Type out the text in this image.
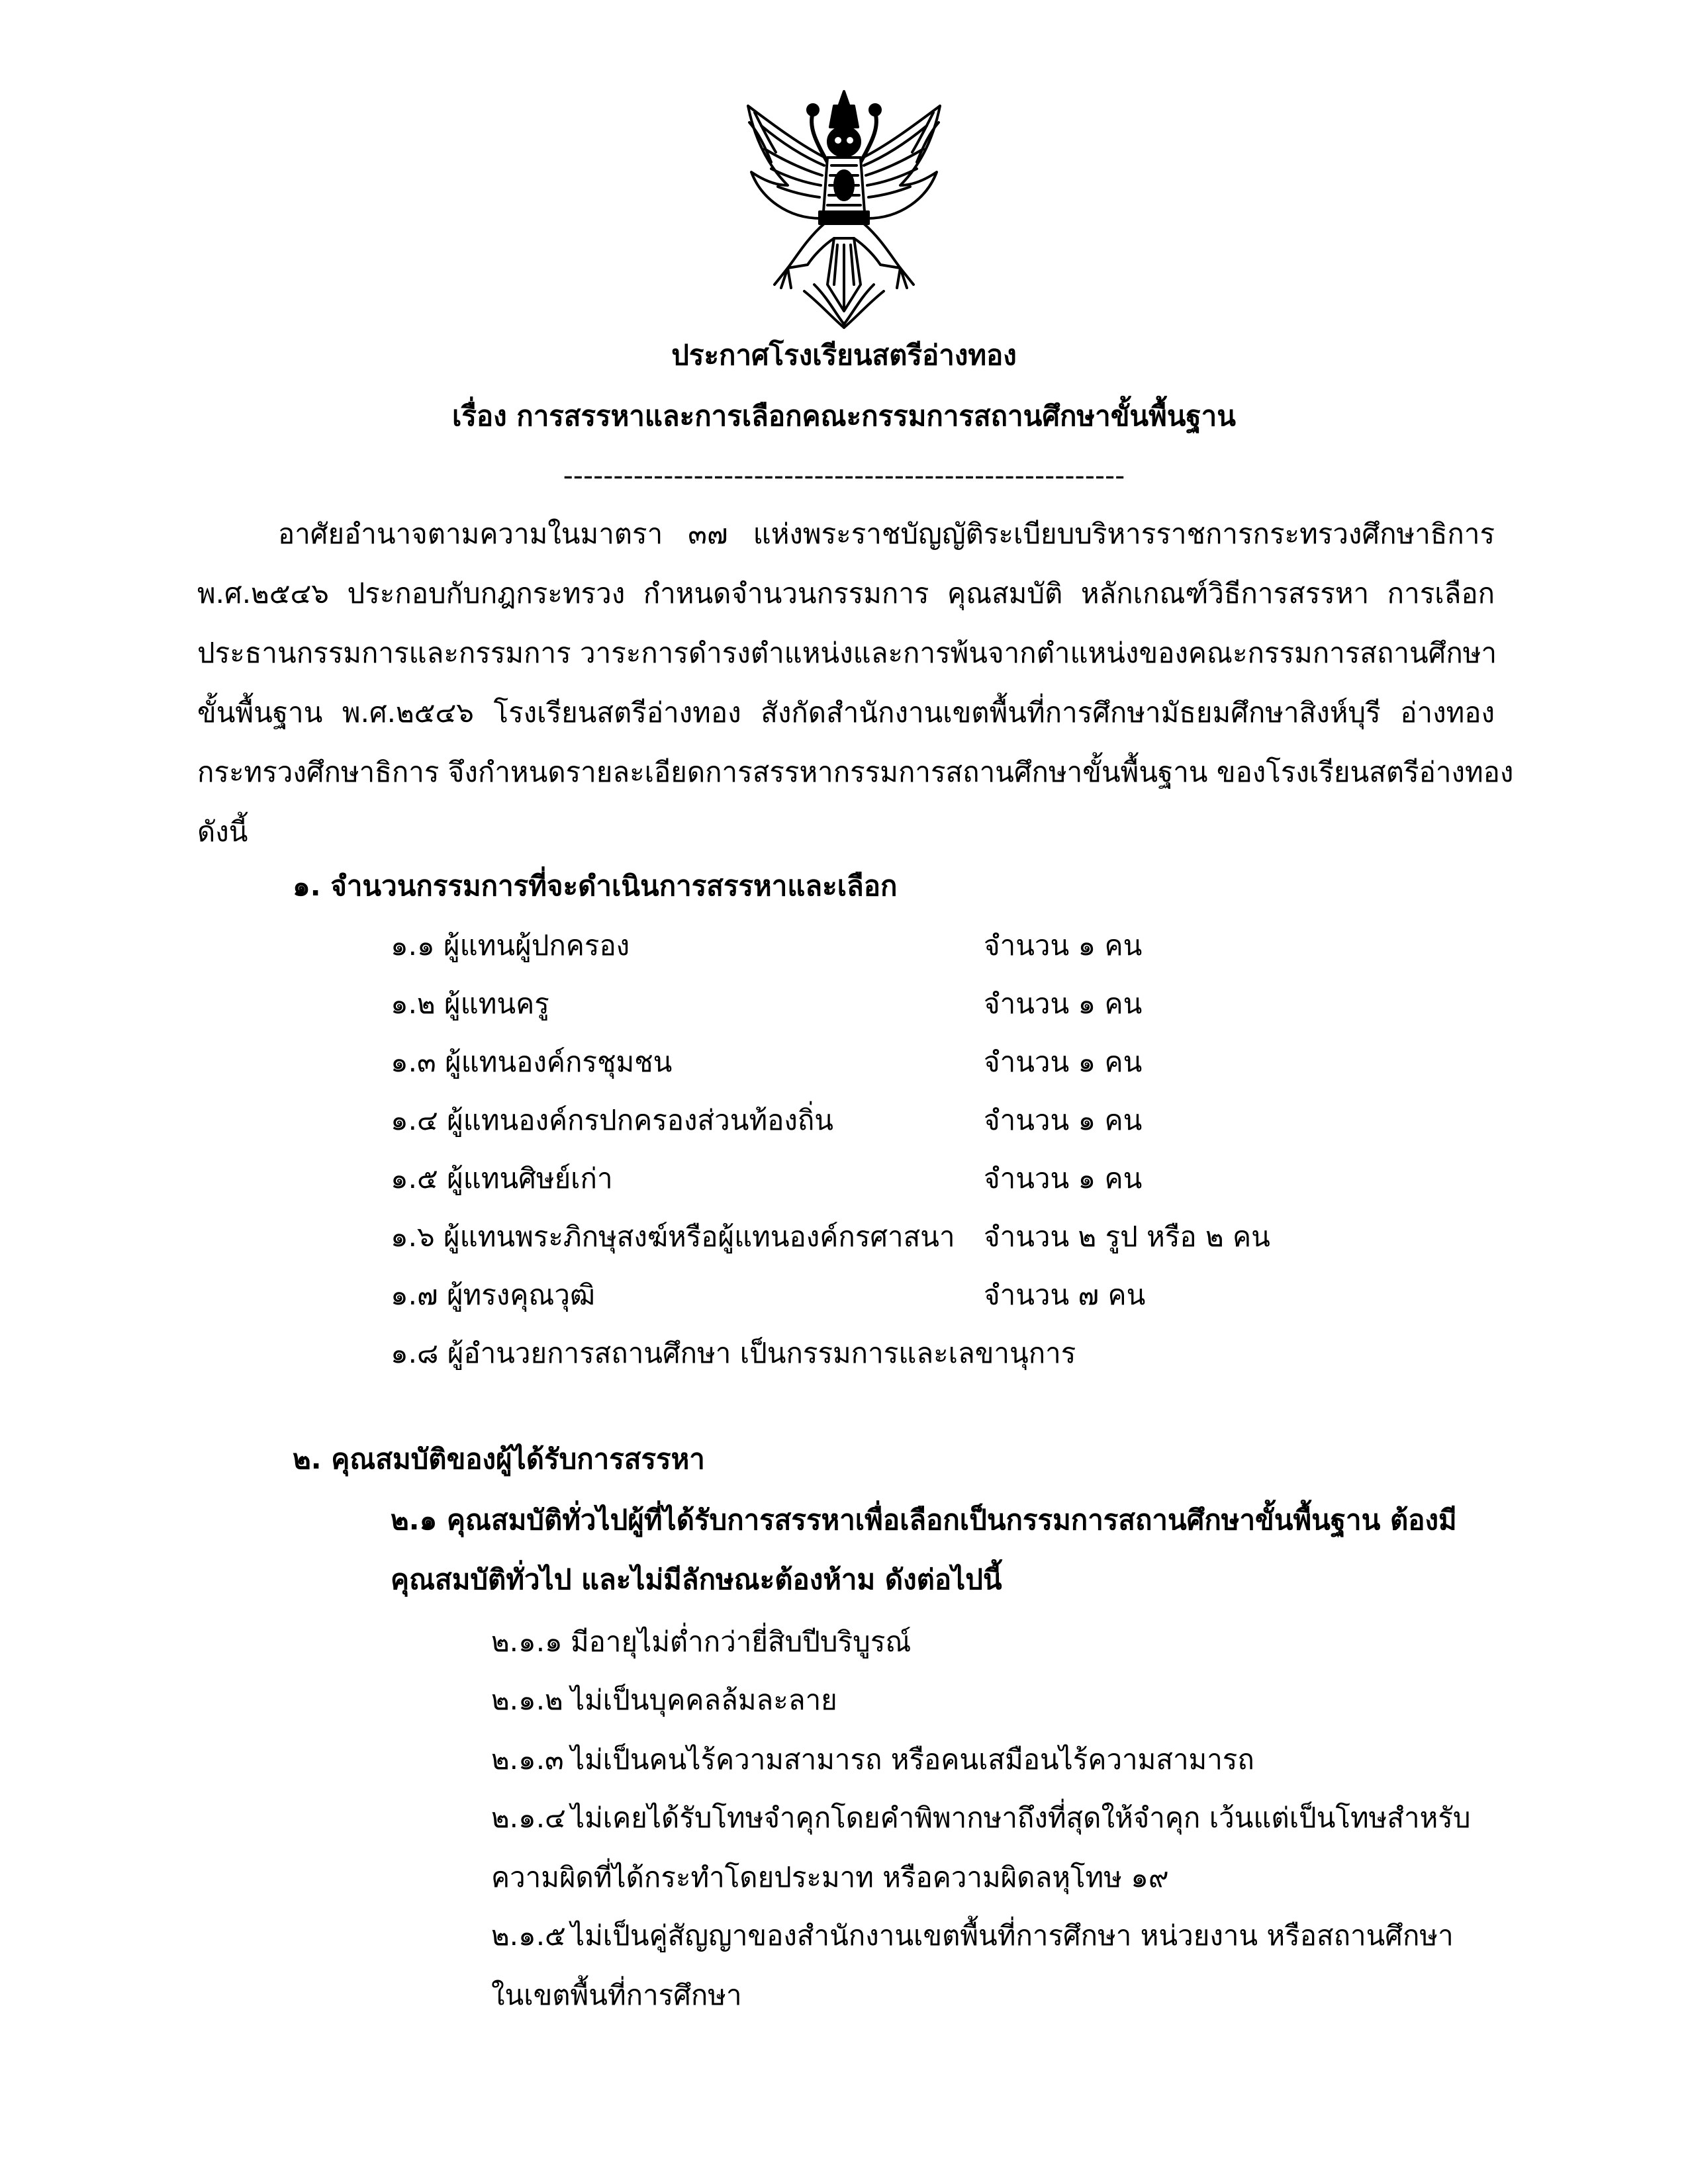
ประกาศโรงเรียนสตรีอ่างทอง
เรื่อง การสรรหาและการเลือกคณะกรรมการสถานศึกษาขั้นพื้นฐาน
--------------------------------------------------------
อาศัยอำนาจตามความในมาตรา ๓๗ แห่งพระราชบัญญัติระเบียบบริหารราชการกระทรวงศึกษาธิการ
พ.ศ.๒๕๔๖ ประกอบกับกฎกระทรวง กำหนดจำนวนกรรมการ คุณสมบัติ หลักเกณฑ์วิธีการสรรหา การเลือก
ประธานกรรมการและกรรมการ วาระการดำรงตำแหน่งและการพ้นจากตำแหน่งของคณะกรรมการสถานศึกษา
ขั้นพื้นฐาน พ.ศ.๒๕๔๖ โรงเรียนสตรีอ่างทอง สังกัดสำนักงานเขตพื้นที่การศึกษามัธยมศึกษาสิงห์บุรี อ่างทอง
กระทรวงศึกษาธิการ จึงกำหนดรายละเอียดการสรรหากรรมการสถานศึกษาขั้นพื้นฐาน ของโรงเรียนสตรีอ่างทอง
ดังนี้
๑. จำนวนกรรมการที่จะดำเนินการสรรหาและเลือก
๑.๑ ผู้แทนผู้ปกครอง	จำนวน ๑ คน
๑.๒ ผู้แทนครู	จำนวน ๑ คน
๑.๓ ผู้แทนองค์กรชุมชน	จำนวน ๑ คน
๑.๔ ผู้แทนองค์กรปกครองส่วนท้องถิ่น	จำนวน ๑ คน
๑.๕ ผู้แทนศิษย์เก่า	จำนวน ๑ คน
๑.๖ ผู้แทนพระภิกษุสงฆ์หรือผู้แทนองค์กรศาสนา จำนวน ๒ รูป หรือ ๒ คน
๑.๗ ผู้ทรงคุณวุฒิ	จำนวน ๗ คน
๑.๘ ผู้อำนวยการสถานศึกษา เป็นกรรมการและเลขานุการ
๒. คุณสมบัติของผู้ได้รับการสรรหา
๒.๑ คุณสมบัติทั่วไปผู้ที่ได้รับการสรรหาเพื่อเลือกเป็นกรรมการสถานศึกษาขั้นพื้นฐาน ต้องมี
คุณสมบัติทั่วไป และไม่มีลักษณะต้องห้าม ดังต่อไปนี้
๒.๑.๑ มีอายุไม่ต่ำกว่ายี่สิบปีบริบูรณ์
๒.๑.๒ ไม่เป็นบุคคลล้มละลาย
๒.๑.๓ ไม่เป็นคนไร้ความสามารถ หรือคนเสมือนไร้ความสามารถ
๒.๑.๔ ไม่เคยได้รับโทษจำคุกโดยคำพิพากษาถึงที่สุดให้จำคุก เว้นแต่เป็นโทษสำหรับ
ความผิดที่ได้กระทำโดยประมาท หรือความผิดลหุโทษ ๑๙
๒.๑.๕ ไม่เป็นคู่สัญญาของสำนักงานเขตพื้นที่การศึกษา หน่วยงาน หรือสถานศึกษา
ในเขตพื้นที่การศึกษา
